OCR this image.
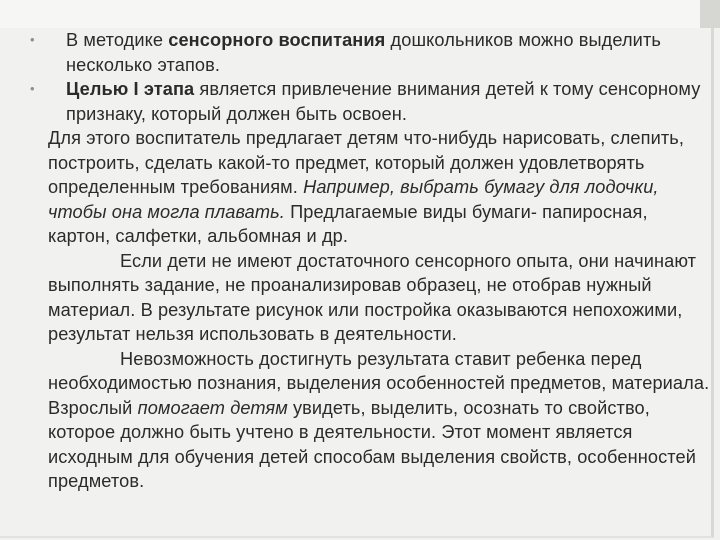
• В методике сенсорного воспитания дошкольников можно выделить несколько этапов.
• Целью I этапа является привлечение внимания детей к тому сенсорному признаку, который должен быть освоен.

Для этого воспитатель предлагает детям что-нибудь нарисовать, слепить, построить, сделать какой-то предмет, который должен удовлетворять определенным требованиям. Например, выбрать бумагу для лодочки, чтобы она могла плавать. Предлагаемые виды бумаги- папиросная, картон, салфетки, альбомная и др.

Если дети не имеют достаточного сенсорного опыта, они начинают выполнять задание, не проанализировав образец, не отобрав нужный материал. В результате рисунок или постройка оказываются непохожими, результат нельзя использовать в деятельности.

Невозможность достигнуть результата ставит ребенка перед необходимостью познания, выделения особенностей предметов, материала. Взрослый помогает детям увидеть, выделить, осознать то свойство, которое должно быть учтено в деятельности. Этот момент является исходным для обучения детей способам выделения свойств, особенностей предметов.
